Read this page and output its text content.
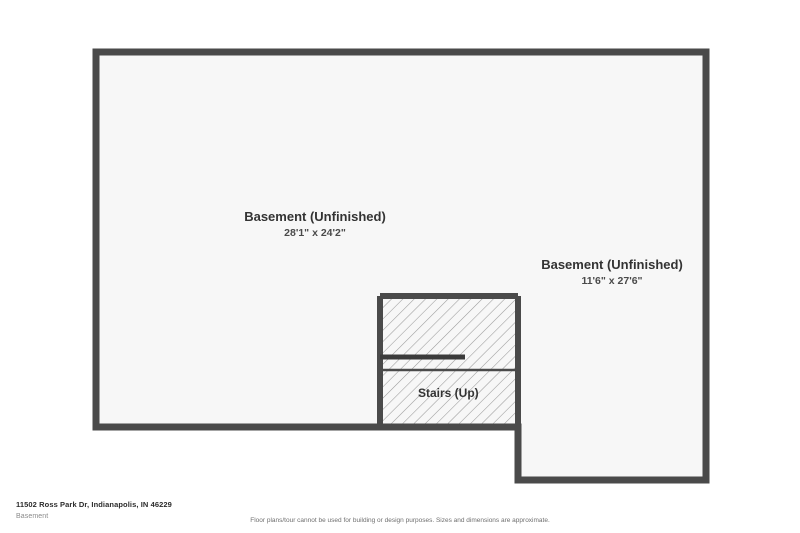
Basement (Unfinished)
28'1" x 24'2"
Basement (Unfinished)
11'6" x 27'6"
Stairs (Up)
11502 Ross Park Dr, Indianapolis, IN 46229
Basement
Floor plans/tour cannot be used for building or design purposes. Sizes and dimensions are approximate.
